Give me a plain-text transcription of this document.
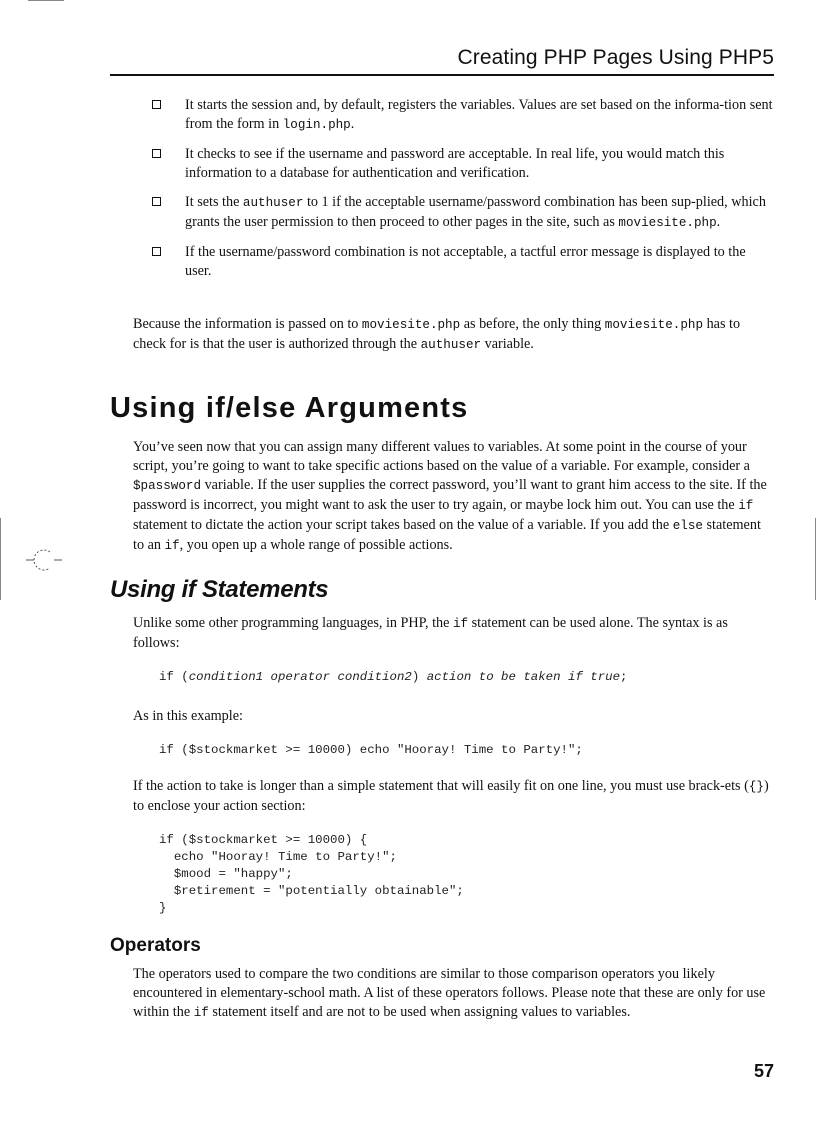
Creating PHP Pages Using PHP5
It starts the session and, by default, registers the variables. Values are set based on the informa-tion sent from the form in login.php.
It checks to see if the username and password are acceptable. In real life, you would match this information to a database for authentication and verification.
It sets the authuser to 1 if the acceptable username/password combination has been sup-plied, which grants the user permission to then proceed to other pages in the site, such as moviesite.php.
If the username/password combination is not acceptable, a tactful error message is displayed to the user.

Because the information is passed on to moviesite.php as before, the only thing moviesite.php has to check for is that the user is authorized through the authuser variable.

Using if/else Arguments

You’ve seen now that you can assign many different values to variables. At some point in the course of your script, you’re going to want to take specific actions based on the value of a variable. For example, consider a $password variable. If the user supplies the correct password, you’ll want to grant him access to the site. If the password is incorrect, you might want to ask the user to try again, or maybe lock him out. You can use the if statement to dictate the action your script takes based on the value of a variable. If you add the else statement to an if, you open up a whole range of possible actions.

Using if Statements

Unlike some other programming languages, in PHP, the if statement can be used alone. The syntax is as follows:

if (condition1 operator condition2) action to be taken if true;

As in this example:

if ($stockmarket >= 10000) echo "Hooray! Time to Party!";

If the action to take is longer than a simple statement that will easily fit on one line, you must use brack-ets ({}) to enclose your action section:

if ($stockmarket >= 10000) {
echo "Hooray! Time to Party!";
$mood = "happy";
$retirement = "potentially obtainable";
}
Operators

The operators used to compare the two conditions are similar to those comparison operators you likely encountered in elementary-school math. A list of these operators follows. Please note that these are only for use within the if statement itself and are not to be used when assigning values to variables.

57
